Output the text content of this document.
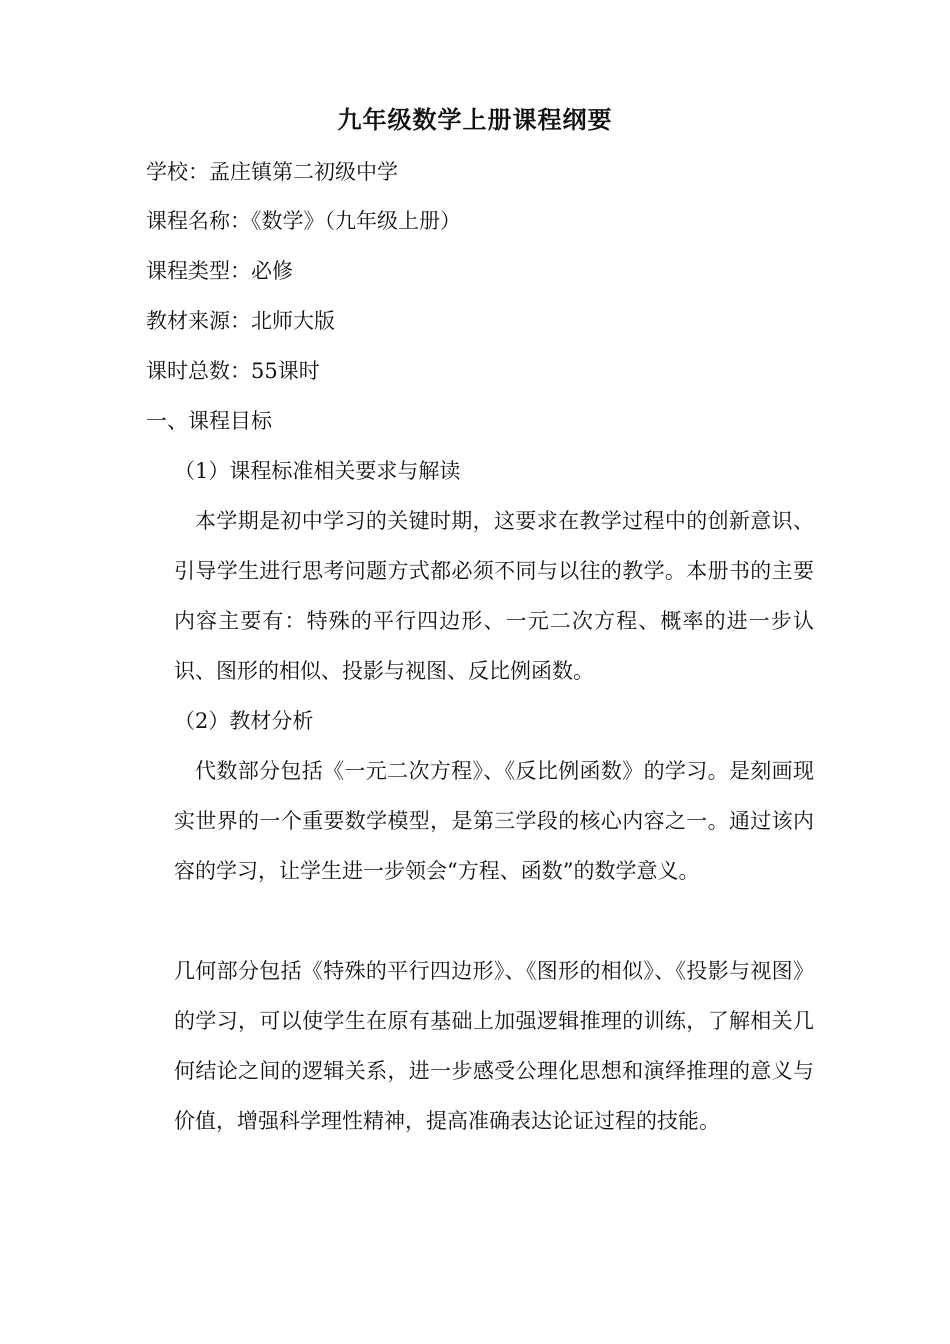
九年级数学上册课程纲要
学校：孟庄镇第二初级中学
课程名称：《数学》（九年级上册）
课程类型：必修
教材来源：北师大版
课时总数：55课时
一、课程目标
（1）课程标准相关要求与解读
本学期是初中学习的关键时期，这要求在教学过程中的创新意识、引导学生进行思考问题方式都必须不同与以往的教学。本册书的主要内容主要有：特殊的平行四边形、一元二次方程、概率的进一步认识、图形的相似、投影与视图、反比例函数。
（2）教材分析
代数部分包括《一元二次方程》、《反比例函数》的学习。是刻画现实世界的一个重要数学模型，是第三学段的核心内容之一。通过该内容的学习，让学生进一步领会“方程、函数”的数学意义。
几何部分包括《特殊的平行四边形》、《图形的相似》、《投影与视图》的学习，可以使学生在原有基础上加强逻辑推理的训练，了解相关几何结论之间的逻辑关系，进一步感受公理化思想和演绎推理的意义与价值，增强科学理性精神，提高准确表达论证过程的技能。
